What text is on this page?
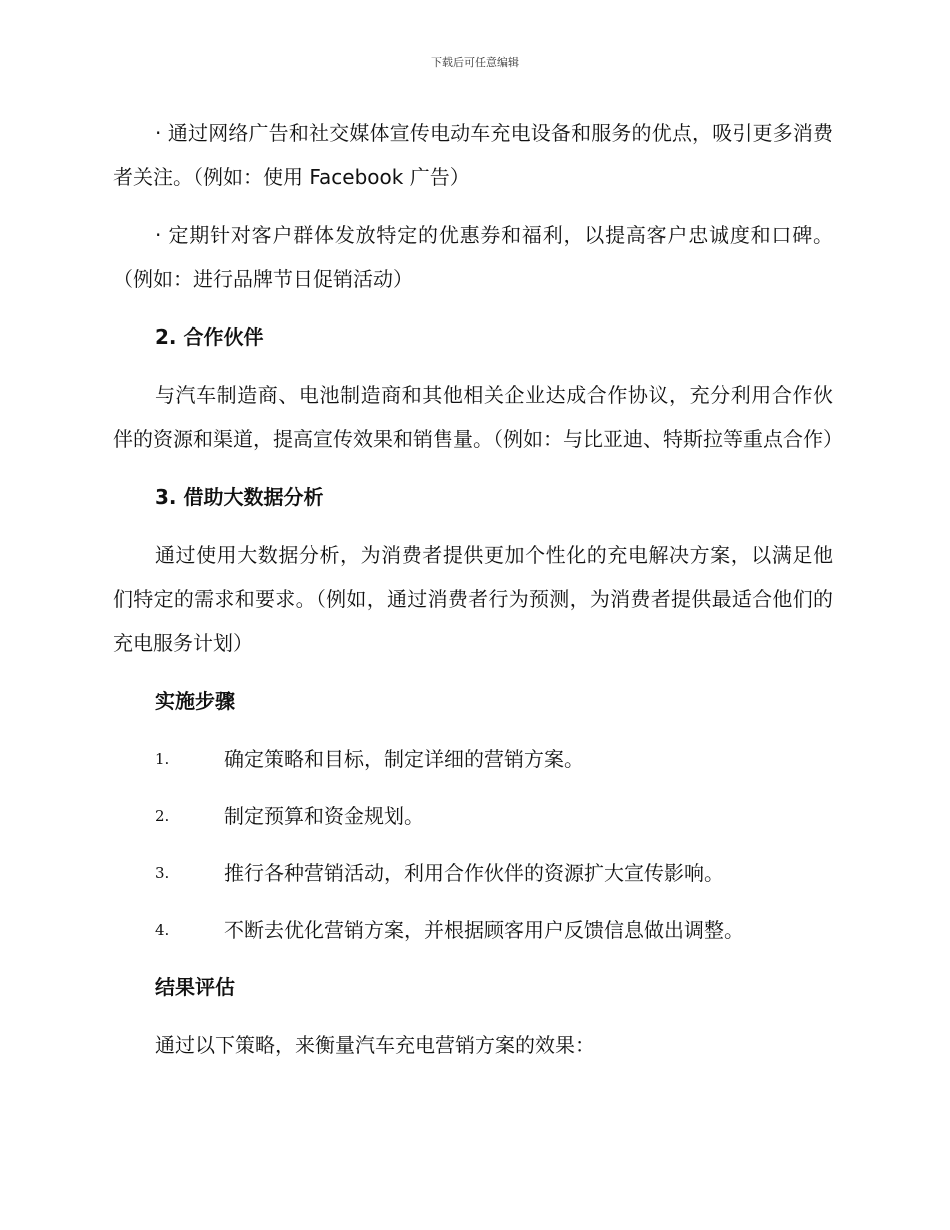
下载后可任意编辑

· 通过网络广告和社交媒体宣传电动车充电设备和服务的优点，吸引更多消费者关注。（例如：使用 Facebook 广告）

· 定期针对客户群体发放特定的优惠券和福利，以提高客户忠诚度和口碑。（例如：进行品牌节日促销活动）

2. 合作伙伴

与汽车制造商、电池制造商和其他相关企业达成合作协议，充分利用合作伙伴的资源和渠道，提高宣传效果和销售量。（例如：与比亚迪、特斯拉等重点合作）

3. 借助大数据分析

通过使用大数据分析，为消费者提供更加个性化的充电解决方案，以满足他们特定的需求和要求。（例如，通过消费者行为预测，为消费者提供最适合他们的充电服务计划）

实施步骤
1.	确定策略和目标，制定详细的营销方案。
2.	制定预算和资金规划。
3.	推行各种营销活动，利用合作伙伴的资源扩大宣传影响。
4.	不断去优化营销方案，并根据顾客用户反馈信息做出调整。
结果评估

通过以下策略，来衡量汽车充电营销方案的效果：
